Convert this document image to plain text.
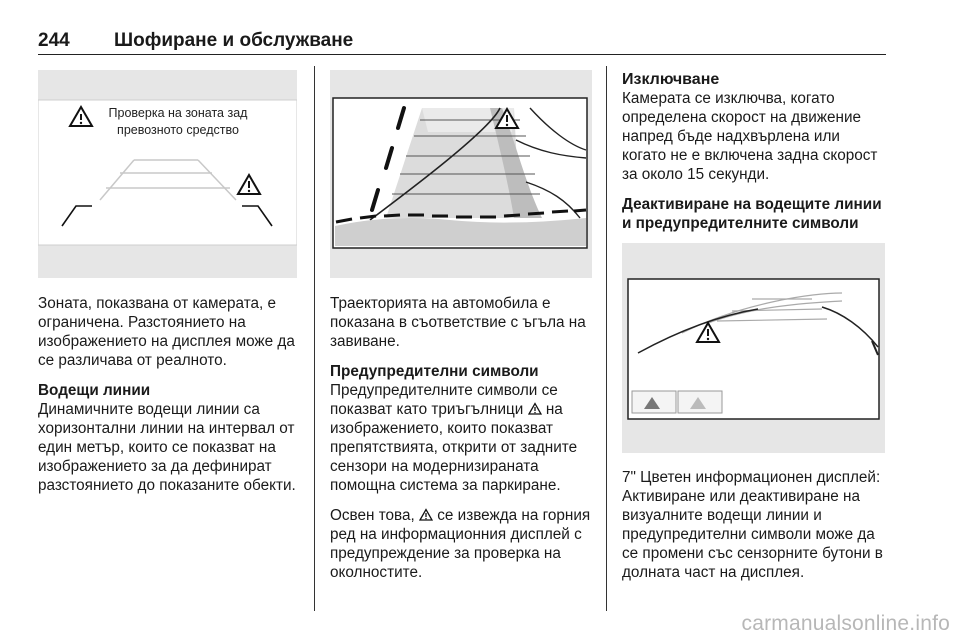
244 Шофиране и обслужване
Проверка на зоната зад
превозното средство

Зоната, показвана от камерата, е ограничена. Разстоянието на изображението на дисплея може да се различава от реалното.

Водещи линии
Динамичните водещи линии са хоризонтални линии на интервал от един метър, които се показват на изображението за да дефинират разстоянието до показаните обекти.

Траекторията на автомобила е показана в съответствие с ъгъла на завиване.

Предупредителни символи
Предупредителните символи се показват като триъгълници на изображението, които показват препятствията, открити от задните сензори на модернизираната помощна система за паркиране.

Освен това, се извежда на горния ред на информационния дисплей с предупреждение за проверка на околностите.

Изключване
Камерата се изключва, когато определена скорост на движение напред бъде надхвърлена или когато не е включена задна скорост за около 15 секунди.

Деактивиране на водещите линии и предупредителните символи

7" Цветен информационен дисплей: Активиране или деактивиране на визуалните водещи линии и предупредителни символи може да се промени със сензорните бутони в долната част на дисплея.

carmanualsonline.info
